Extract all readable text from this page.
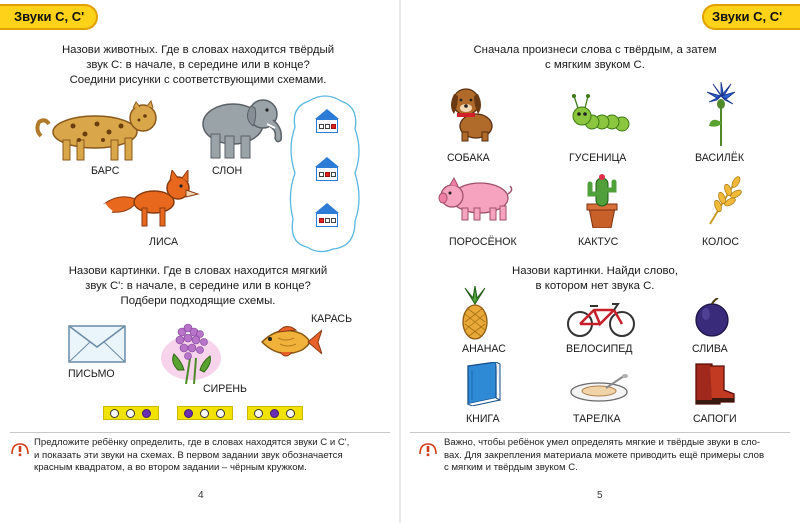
Звуки С, С'
Назови животных. Где в словах находится твёрдый
звук С: в начале, в середине или в конце?
Соедини рисунки с соответствующими схемами.
БАРС	СЛОН
ЛИСА
Назови картинки. Где в словах находится мягкий
звук С': в начале, в середине или в конце?
Подбери подходящие схемы.
ПИСЬМО
СИРЕНЬ
КАРАСЬ
Предложите ребёнку определить, где в словах находятся звуки С и С',
и показать эти звуки на схемах. В первом задании звук обозначается
красным квадратом, а во втором задании – чёрным кружком.
4
Звуки С, С'
Сначала произнеси слова с твёрдым, а затем
с мягким звуком С.
СОБАКА	ГУСЕНИЦА	ВАСИЛЁК
ПОРОСЁНОК	КАКТУС	КОЛОС
Назови картинки. Найди слово,
в котором нет звука С.
АНАНАС	ВЕЛОСИПЕД	СЛИВА
КНИГА	ТАРЕЛКА	САПОГИ
Важно, чтобы ребёнок умел определять мягкие и твёрдые звуки в сло-
вах. Для закрепления материала можете приводить ещё примеры слов
с мягким и твёрдым звуком С.
5
